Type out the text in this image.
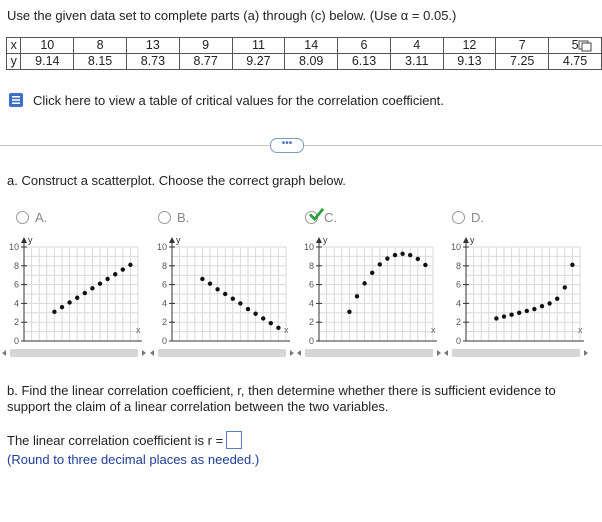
Use the given data set to complete parts (a) through (c) below. (Use α = 0.05.)
x	10	8	13	9	11	14	6	4	12	7	5
y	9.14	8.15	8.73	8.77	9.27	8.09	6.13	3.11	9.13	7.25	4.75
Click here to view a table of critical values for the correlation coefficient.
•••
a. Construct a scatterplot. Choose the correct graph below.
A.	B.	C.	D.
y
x
10
8
6
4
2
0
y
x
10
8
6
4
2
0
y
x
10
8
6
4
2
0
y
x
10
8
6
4
2
0
b. Find the linear correlation coefficient, r, then determine whether there is sufficient evidence to support the claim of a linear correlation between the two variables.
The linear correlation coefficient is r =
(Round to three decimal places as needed.)
